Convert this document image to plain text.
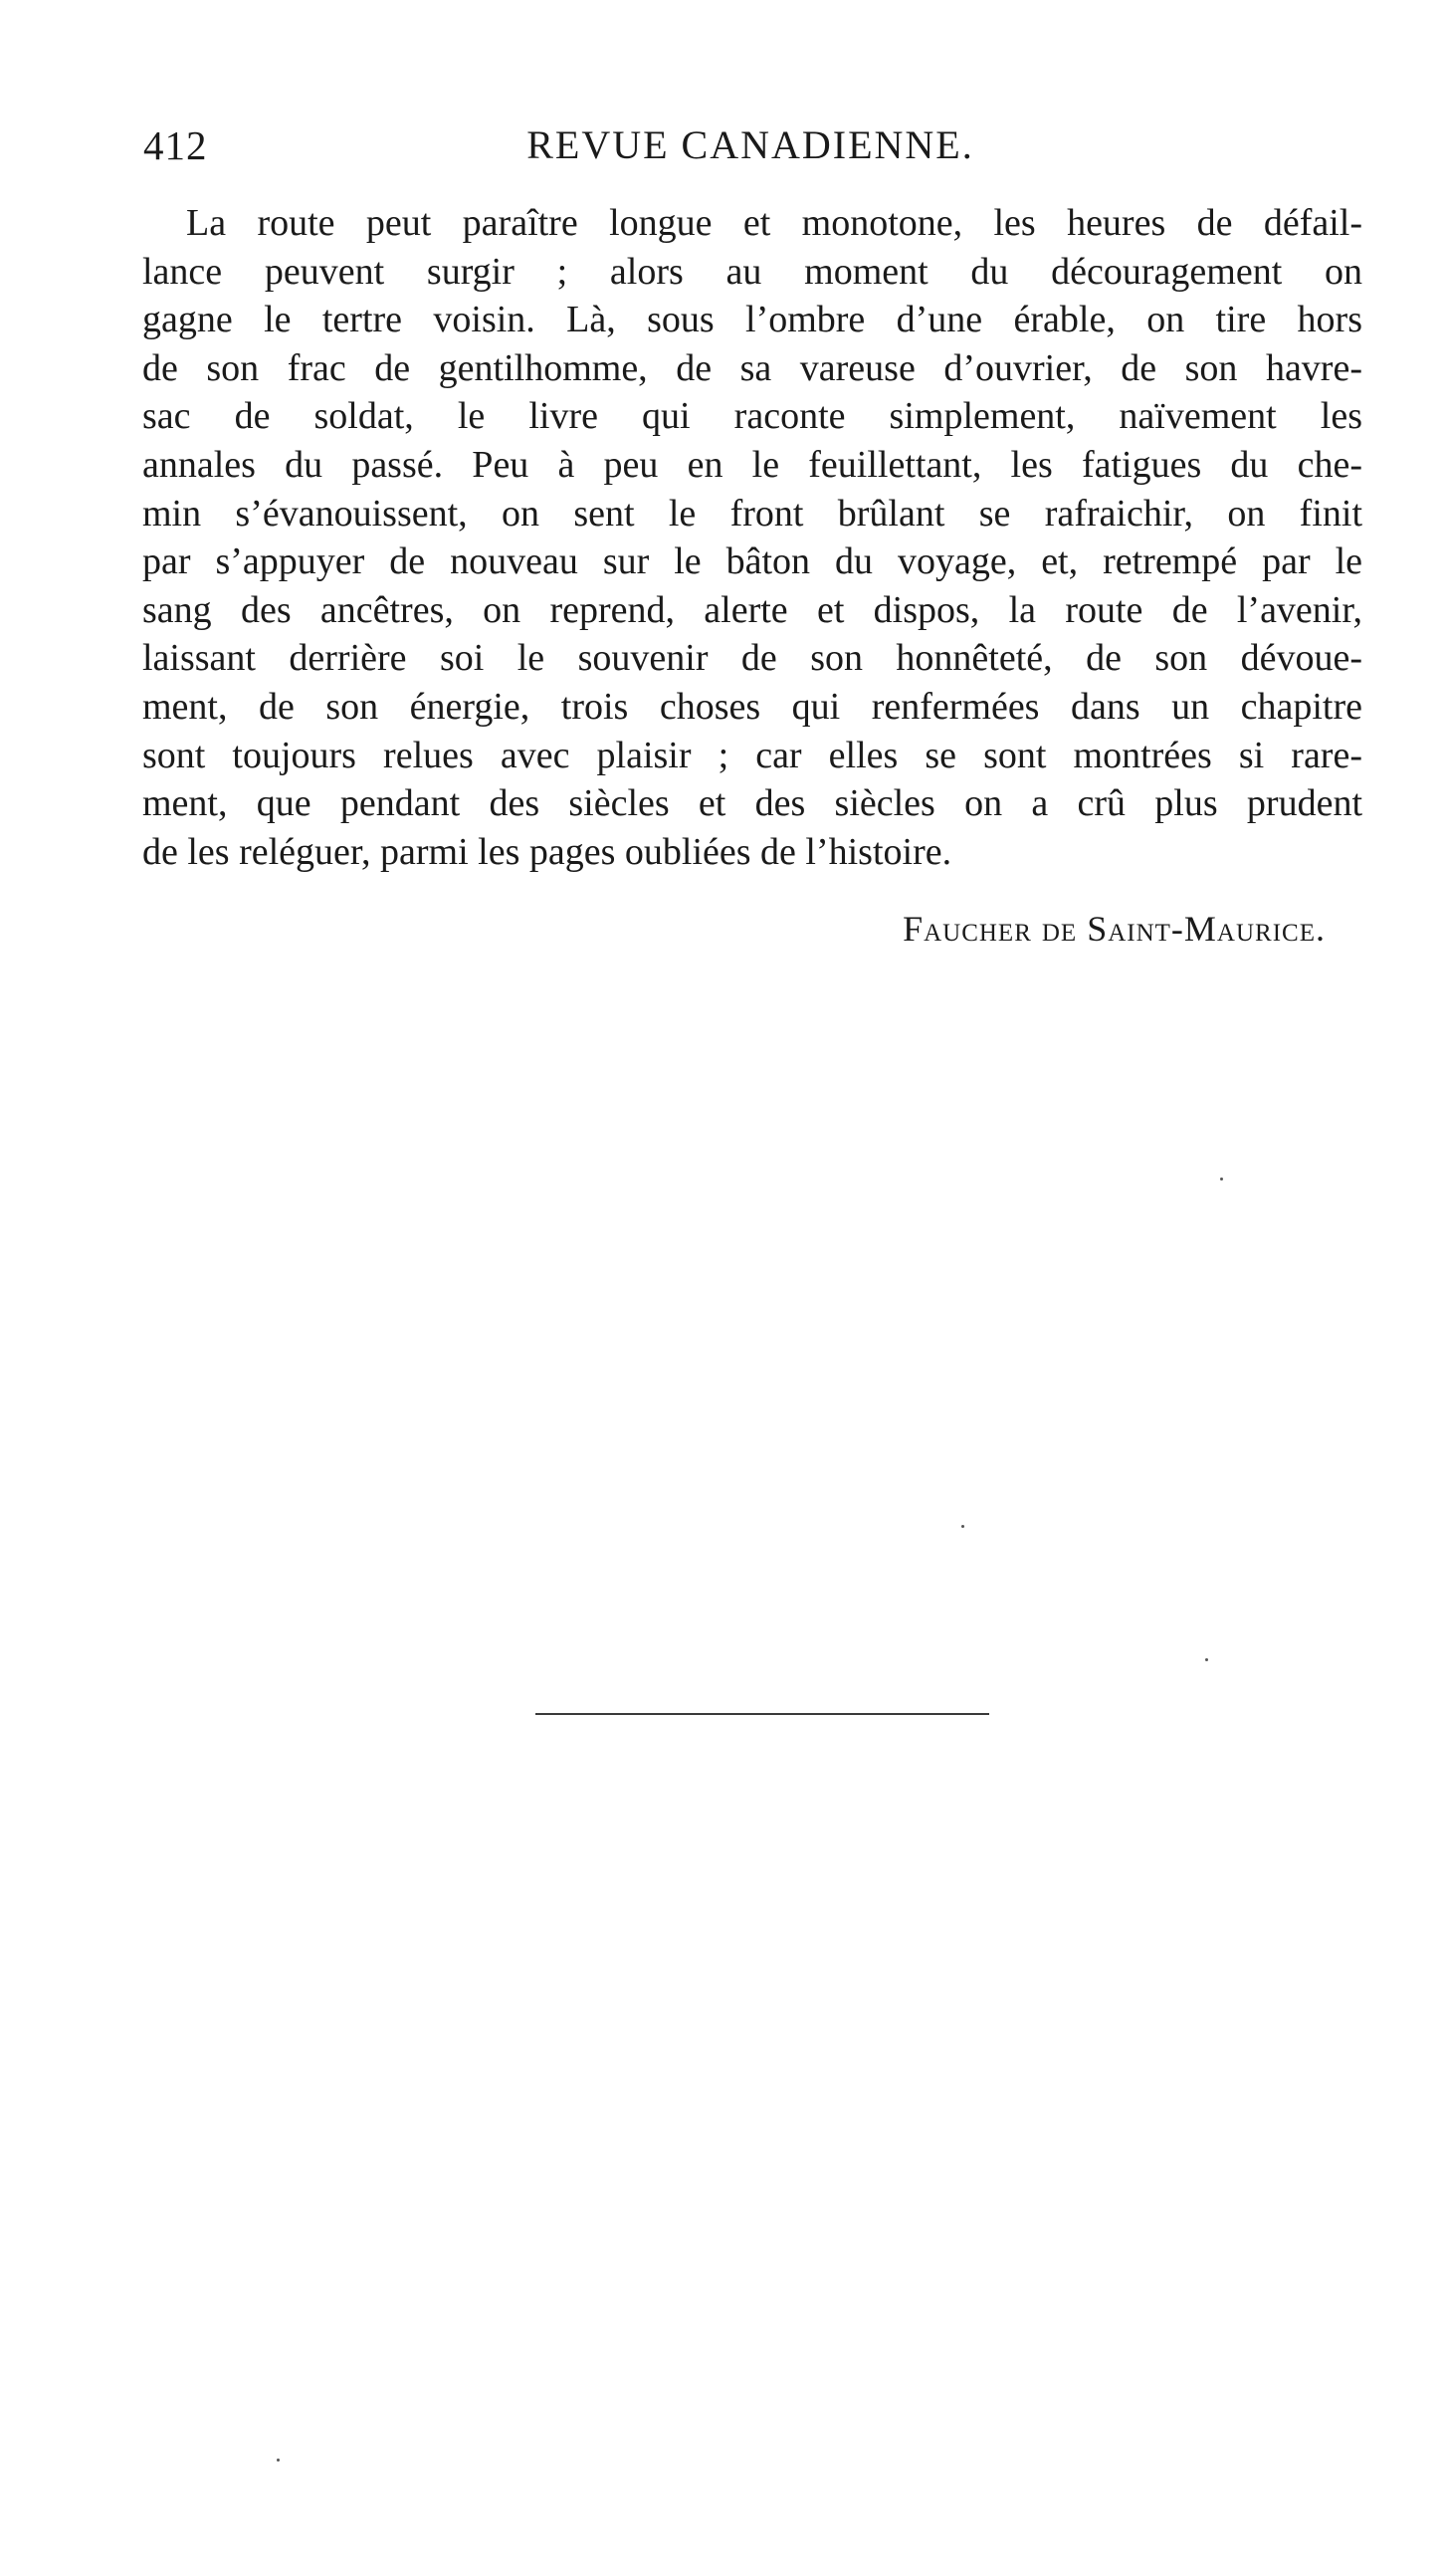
412	REVUE CANADIENNE.
La route peut paraître longue et monotone, les heures de défail-
lance peuvent surgir ; alors au moment du découragement on
gagne le tertre voisin. Là, sous l’ombre d’une érable, on tire hors
de son frac de gentilhomme, de sa vareuse d’ouvrier, de son havre-
sac de soldat, le livre qui raconte simplement, naïvement les
annales du passé. Peu à peu en le feuillettant, les fatigues du che-
min s’évanouissent, on sent le front brûlant se rafraichir, on finit
par s’appuyer de nouveau sur le bâton du voyage, et, retrempé par le
sang des ancêtres, on reprend, alerte et dispos, la route de l’avenir,
laissant derrière soi le souvenir de son honnêteté, de son dévoue-
ment, de son énergie, trois choses qui renfermées dans un chapitre
sont toujours relues avec plaisir ; car elles se sont montrées si rare-
ment, que pendant des siècles et des siècles on a crû plus prudent
de les reléguer, parmi les pages oubliées de l’histoire.
Faucher de Saint-Maurice.
